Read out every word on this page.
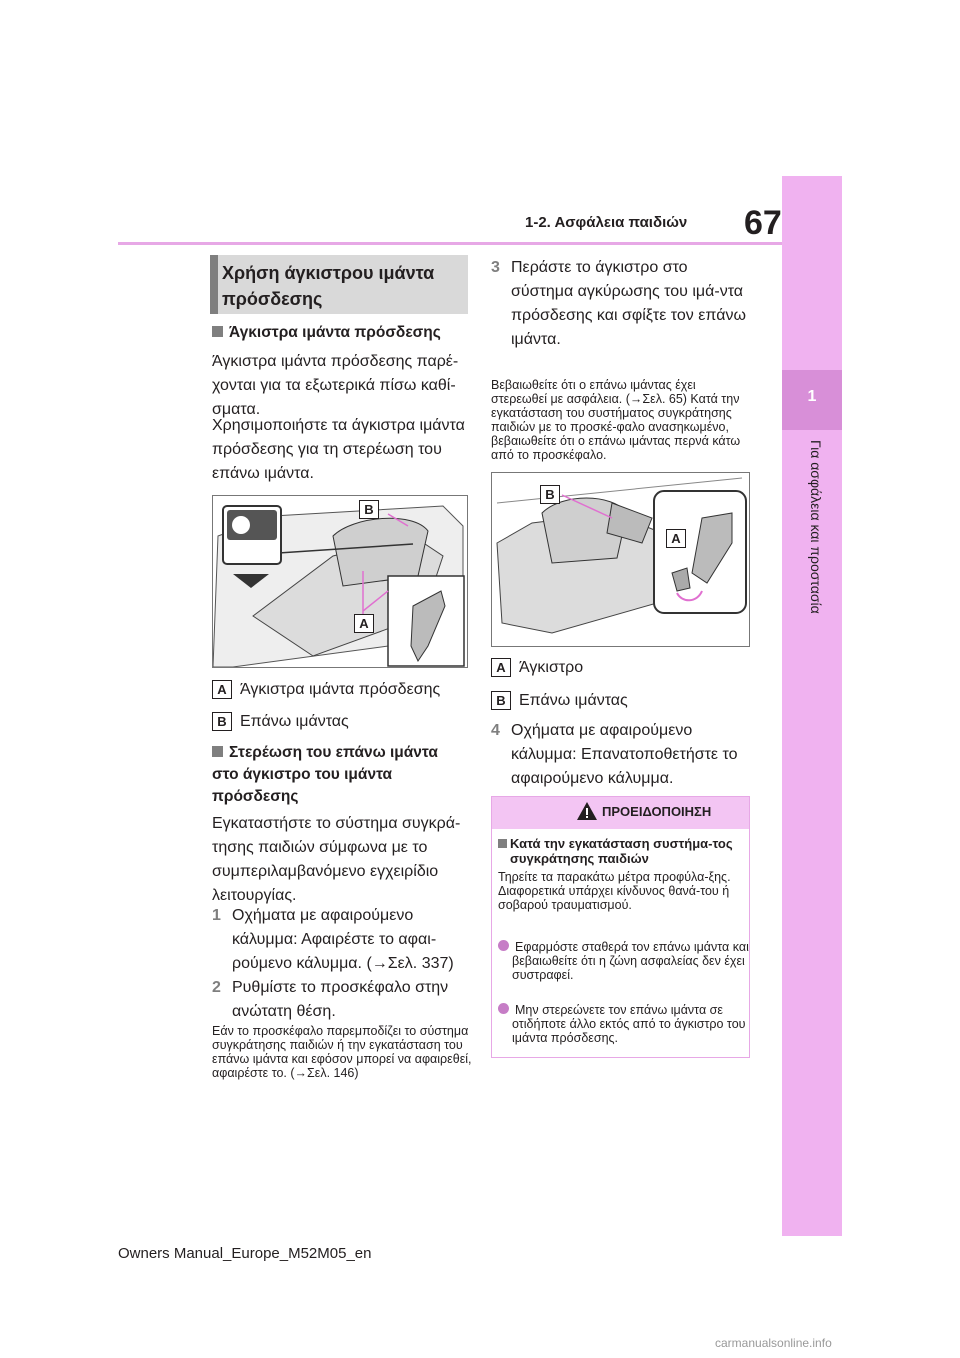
1-2. Ασφάλεια παιδιών 67
1
Για ασφάλεια και προστασία
Χρήση άγκιστρου ιμάντα πρόσδεσης
Άγκιστρα ιμάντα πρόσδεσης
Άγκιστρα ιμάντα πρόσδεσης παρέ-χονται για τα εξωτερικά πίσω καθί-σματα.
Χρησιμοποιήστε τα άγκιστρα ιμάντα πρόσδεσης για τη στερέωση του επάνω ιμάντα.
TOP-TETHER
B
A
A Άγκιστρα ιμάντα πρόσδεσης
B Επάνω ιμάντας
Στερέωση του επάνω ιμάντα στο άγκιστρο του ιμάντα πρόσδεσης
Εγκαταστήστε το σύστημα συγκρά-τησης παιδιών σύμφωνα με το συμπεριλαμβανόμενο εγχειρίδιο λειτουργίας.
1 Οχήματα με αφαιρούμενο κάλυμμα: Αφαιρέστε το αφαι-ρούμενο κάλυμμα. (→Σελ. 337)
2 Ρυθμίστε το προσκέφαλο στην ανώτατη θέση.
Εάν το προσκέφαλο παρεμποδίζει το σύστημα συγκράτησης παιδιών ή την εγκατάσταση του επάνω ιμάντα και εφόσον μπορεί να αφαιρεθεί, αφαιρέστε το. (→Σελ. 146)
3 Περάστε το άγκιστρο στο σύστημα αγκύρωσης του ιμά-ντα πρόσδεσης και σφίξτε τον επάνω ιμάντα.
Βεβαιωθείτε ότι ο επάνω ιμάντας έχει στερεωθεί με ασφάλεια. (→Σελ. 65) Κατά την εγκατάσταση του συστήματος συγκράτησης παιδιών με το προσκέ-φαλο ανασηκωμένο, βεβαιωθείτε ότι ο επάνω ιμάντας περνά κάτω από το προσκέφαλο.
B
A
A Άγκιστρο
B Επάνω ιμάντας
4 Οχήματα με αφαιρούμενο κάλυμμα: Επανατοποθετήστε το αφαιρούμενο κάλυμμα.
ΠΡΟΕΙΔΟΠΟΙΗΣΗ
Κατά την εγκατάσταση συστήμα-τος συγκράτησης παιδιών
Τηρείτε τα παρακάτω μέτρα προφύλα-ξης. Διαφορετικά υπάρχει κίνδυνος θανά-του ή σοβαρού τραυματισμού.
Εφαρμόστε σταθερά τον επάνω ιμάντα και βεβαιωθείτε ότι η ζώνη ασφαλείας δεν έχει συστραφεί.
Μην στερεώνετε τον επάνω ιμάντα σε οτιδήποτε άλλο εκτός από το άγκιστρο του ιμάντα πρόσδεσης.
Owners Manual_Europe_M52M05_en
carmanualsonline.info
